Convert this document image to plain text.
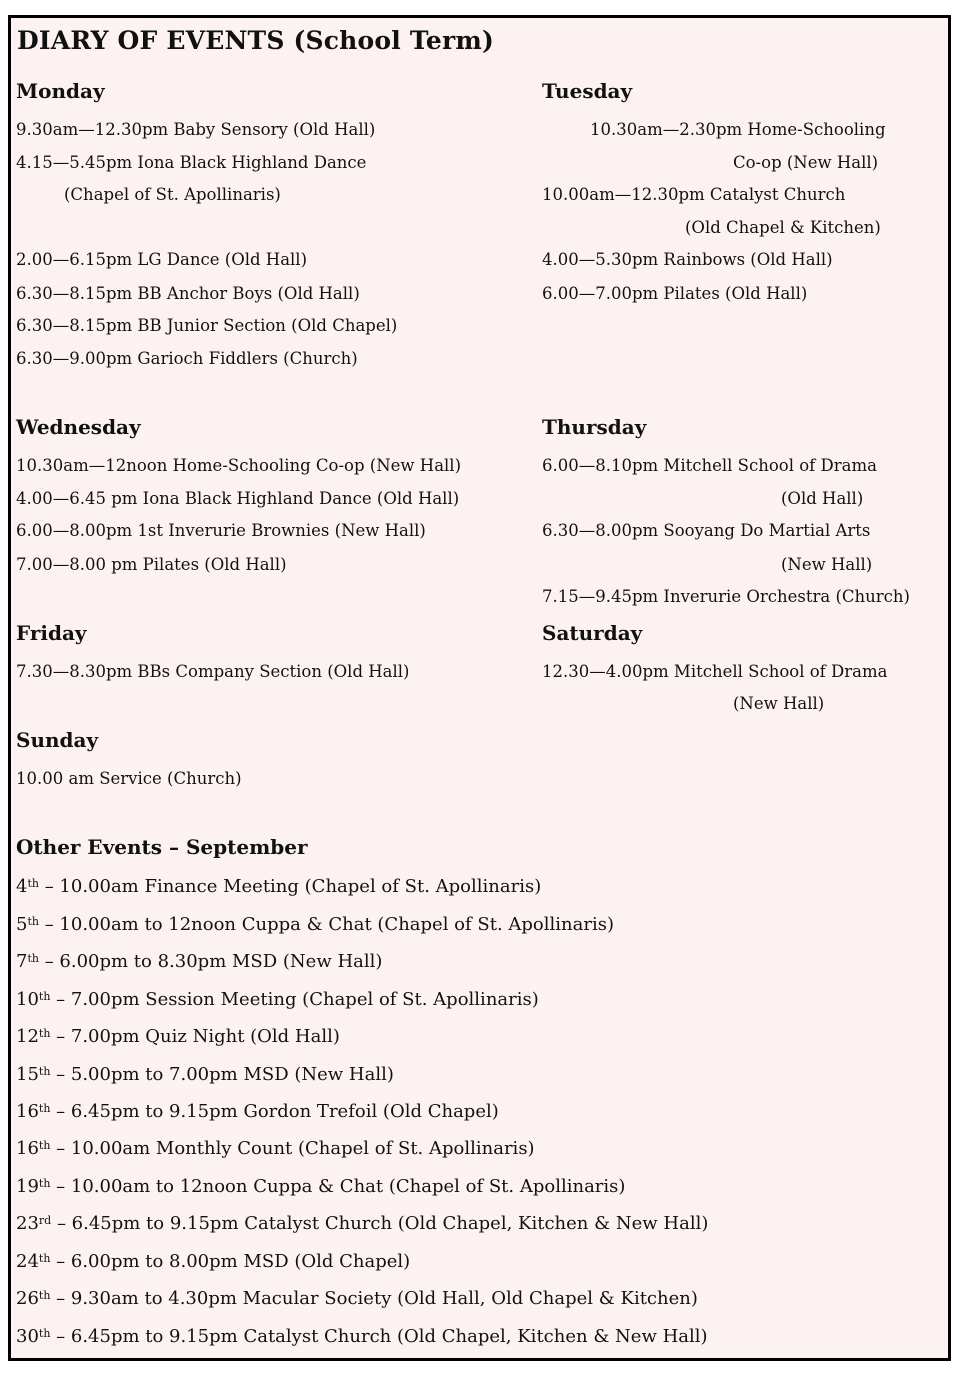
DIARY OF EVENTS (School Term)
Monday
9.30am—12.30pm Baby Sensory (Old Hall)
4.15—5.45pm Iona Black Highland Dance
(Chapel of St. Apollinaris)
2.00—6.15pm LG Dance (Old Hall)
6.30—8.15pm BB Anchor Boys (Old Hall)
6.30—8.15pm BB Junior Section (Old Chapel)
6.30—9.00pm Garioch Fiddlers (Church)
Tuesday
10.30am—2.30pm Home-Schooling
Co-op (New Hall)
10.00am—12.30pm Catalyst Church
(Old Chapel & Kitchen)
4.00—5.30pm Rainbows (Old Hall)
6.00—7.00pm Pilates (Old Hall)
Wednesday
10.30am—12noon Home-Schooling Co-op (New Hall)
4.00—6.45 pm Iona Black Highland Dance (Old Hall)
6.00—8.00pm 1st Inverurie Brownies (New Hall)
7.00—8.00 pm Pilates (Old Hall)
Thursday
6.00—8.10pm Mitchell School of Drama
(Old Hall)
6.30—8.00pm Sooyang Do Martial Arts
(New Hall)
7.15—9.45pm Inverurie Orchestra (Church)
Friday
7.30—8.30pm BBs Company Section (Old Hall)
Saturday
12.30—4.00pm Mitchell School of Drama
(New Hall)
Sunday
10.00 am Service (Church)
Other Events – September
4th – 10.00am Finance Meeting (Chapel of St. Apollinaris)
5th – 10.00am to 12noon Cuppa & Chat (Chapel of St. Apollinaris)
7th – 6.00pm to 8.30pm MSD (New Hall)
10th – 7.00pm Session Meeting (Chapel of St. Apollinaris)
12th – 7.00pm Quiz Night (Old Hall)
15th – 5.00pm to 7.00pm MSD (New Hall)
16th – 6.45pm to 9.15pm Gordon Trefoil (Old Chapel)
16th – 10.00am Monthly Count (Chapel of St. Apollinaris)
19th – 10.00am to 12noon Cuppa & Chat (Chapel of St. Apollinaris)
23rd – 6.45pm to 9.15pm Catalyst Church (Old Chapel, Kitchen & New Hall)
24th – 6.00pm to 8.00pm MSD (Old Chapel)
26th – 9.30am to 4.30pm Macular Society (Old Hall, Old Chapel & Kitchen)
30th – 6.45pm to 9.15pm Catalyst Church (Old Chapel, Kitchen & New Hall)
